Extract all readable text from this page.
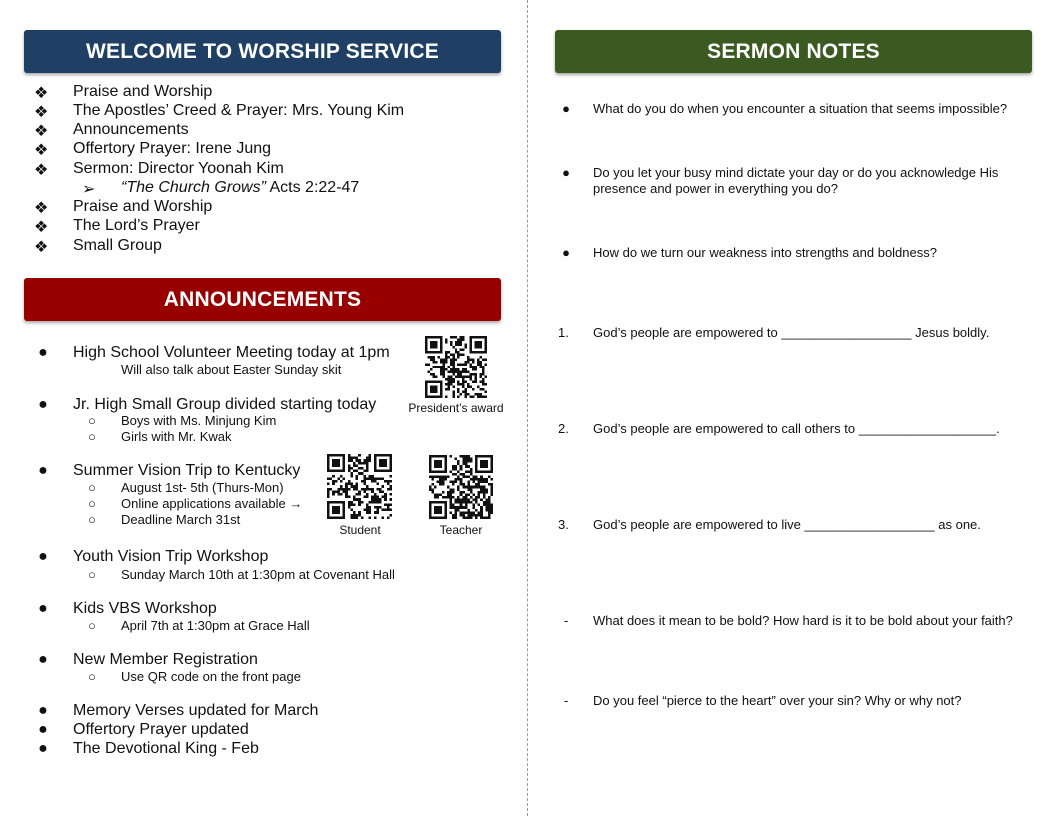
WELCOME TO WORSHIP SERVICE
❖ Praise and Worship
❖ The Apostles’ Creed & Prayer: Mrs. Young Kim
❖ Announcements
❖ Offertory Prayer: Irene Jung
❖ Sermon: Director Yoonah Kim
➢ “The Church Grows” Acts 2:22-47
❖ Praise and Worship
❖ The Lord’s Prayer
❖ Small Group
ANNOUNCEMENTS
● High School Volunteer Meeting today at 1pm
Will also talk about Easter Sunday skit
● Jr. High Small Group divided starting today
○ Boys with Ms. Minjung Kim
○ Girls with Mr. Kwak
● Summer Vision Trip to Kentucky
○ August 1st- 5th (Thurs-Mon)
○ Online applications available →
○ Deadline March 31st
● Youth Vision Trip Workshop
○ Sunday March 10th at 1:30pm at Covenant Hall
● Kids VBS Workshop
○ April 7th at 1:30pm at Grace Hall
● New Member Registration
○ Use QR code on the front page
● Memory Verses updated for March
● Offertory Prayer updated
● The Devotional King - Feb
President’s award
Student	Teacher
SERMON NOTES
● What do you do when you encounter a situation that seems impossible?
● Do you let your busy mind dictate your day or do you acknowledge His
presence and power in everything you do?
● How do we turn our weakness into strengths and boldness?
1. God’s people are empowered to __________________ Jesus boldly.
2. God’s people are empowered to call others to ___________________.
3. God’s people are empowered to live __________________ as one.
- What does it mean to be bold? How hard is it to be bold about your faith?
- Do you feel “pierce to the heart” over your sin? Why or why not?
